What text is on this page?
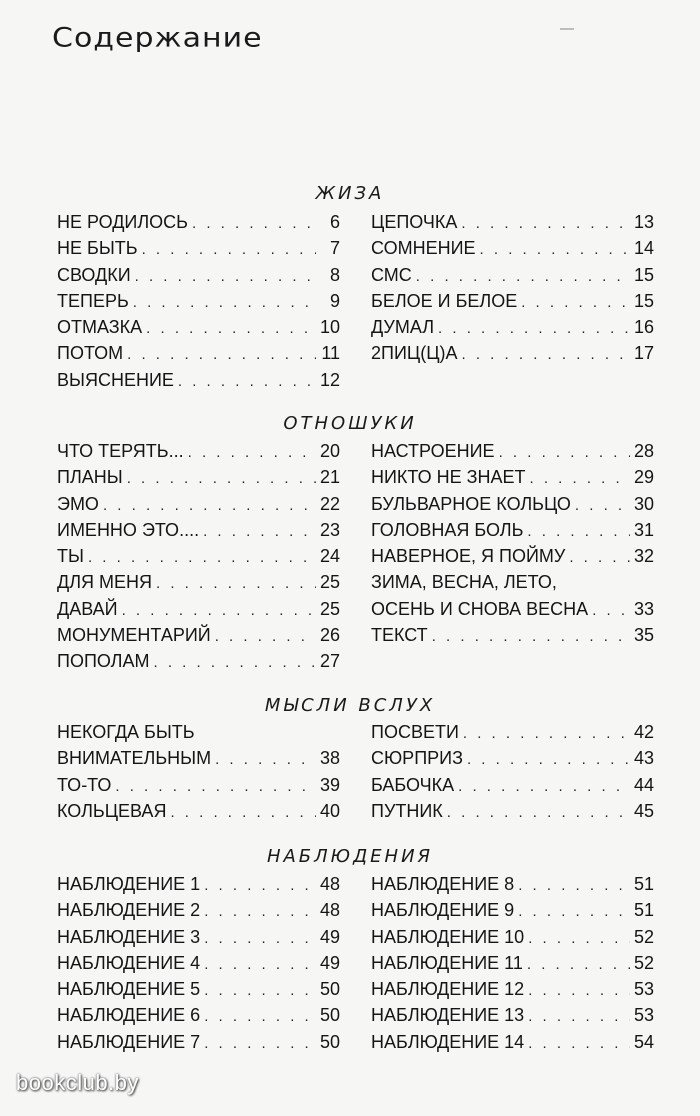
Содержание
ЖИЗА
НЕ РОДИЛОСЬ . . .	6
НЕ БЫТЬ . . .	7
СВОДКИ . . .	8
ТЕПЕРЬ . . .	9
ОТМАЗКА . . .	10
ПОТОМ . . .	11
ВЫЯСНЕНИЕ . . .	12
ЦЕПОЧКА . . .	13
СОМНЕНИЕ . . .	14
СМС . . .	15
БЕЛОЕ И БЕЛОЕ . . .	15
ДУМАЛ . . .	16
2ПИЦ(Ц)А . . .	17
ОТНОШУКИ
ЧТО ТЕРЯТЬ... . . .	20
ПЛАНЫ . . .	21
ЭМО . . .	22
ИМЕННО ЭТО.... . . .	23
ТЫ . . .	24
ДЛЯ МЕНЯ . . .	25
ДАВАЙ . . .	25
МОНУМЕНТАРИЙ . . .	26
ПОПОЛАМ . . .	27
НАСТРОЕНИЕ . . .	28
НИКТО НЕ ЗНАЕТ . . .	29
БУЛЬВАРНОЕ КОЛЬЦО . . .	30
ГОЛОВНАЯ БОЛЬ . . .	31
НАВЕРНОЕ, Я ПОЙМУ . . .	32
ЗИМА, ВЕСНА, ЛЕТО,
ОСЕНЬ И СНОВА ВЕСНА . . .	33
ТЕКСТ . . .	35
МЫСЛИ ВСЛУХ
НЕКОГДА БЫТЬ
ВНИМАТЕЛЬНЫМ . . .	38
ТО-ТО . . .	39
КОЛЬЦЕВАЯ . . .	40
ПОСВЕТИ . . .	42
СЮРПРИЗ . . .	43
БАБОЧКА . . .	44
ПУТНИК . . .	45
НАБЛЮДЕНИЯ
НАБЛЮДЕНИЕ 1 . . .	48
НАБЛЮДЕНИЕ 2 . . .	48
НАБЛЮДЕНИЕ 3 . . .	49
НАБЛЮДЕНИЕ 4 . . .	49
НАБЛЮДЕНИЕ 5 . . .	50
НАБЛЮДЕНИЕ 6 . . .	50
НАБЛЮДЕНИЕ 7 . . .	50
НАБЛЮДЕНИЕ 8 . . .	51
НАБЛЮДЕНИЕ 9 . . .	51
НАБЛЮДЕНИЕ 10 . . .	52
НАБЛЮДЕНИЕ 11 . . .	52
НАБЛЮДЕНИЕ 12 . . .	53
НАБЛЮДЕНИЕ 13 . . .	53
НАБЛЮДЕНИЕ 14 . . .	54
bookclub.by
